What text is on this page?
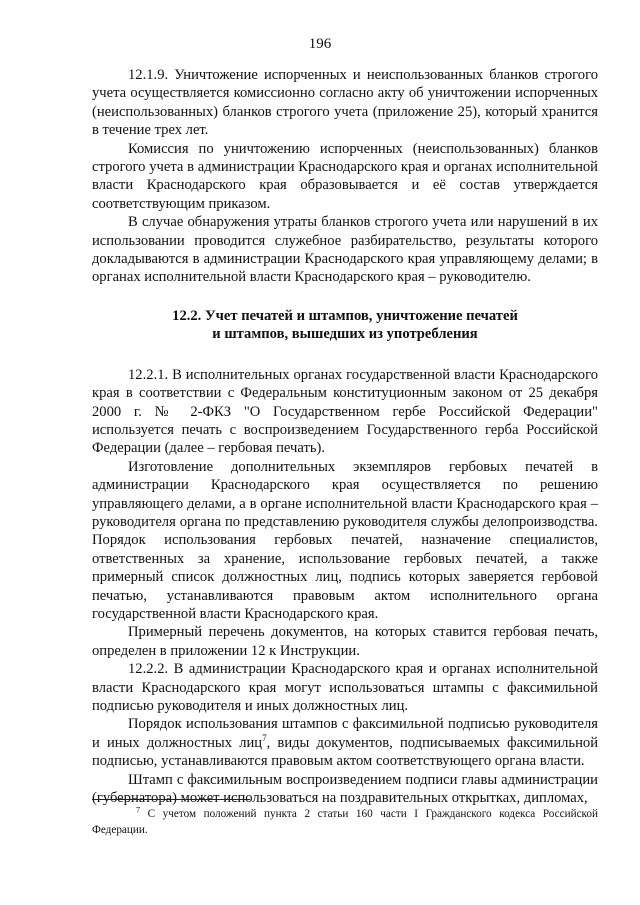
196

12.1.9. Уничтожение испорченных и неиспользованных бланков строгого учета осуществляется комиссионно согласно акту об уничтожении испорченных (неиспользованных) бланков строгого учета (приложение 25), который хранится в течение трех лет.

Комиссия по уничтожению испорченных (неиспользованных) бланков строгого учета в администрации Краснодарского края и органах исполнительной власти Краснодарского края образовывается и её состав утверждается соответствующим приказом.

В случае обнаружения утраты бланков строгого учета или нарушений в их использовании проводится служебное разбирательство, результаты которого докладываются в администрации Краснодарского края управляющему делами; в органах исполнительной власти Краснодарского края – руководителю.

12.2. Учет печатей и штампов, уничтожение печатей
и штампов, вышедших из употребления

12.2.1. В исполнительных органах государственной власти Краснодарского края в соответствии с Федеральным конституционным законом от 25 декабря 2000 г. № 2-ФКЗ "О Государственном гербе Российской Федерации" используется печать с воспроизведением Государственного герба Российской Федерации (далее – гербовая печать).

Изготовление дополнительных экземпляров гербовых печатей в администрации Краснодарского края осуществляется по решению управляющего делами, а в органе исполнительной власти Краснодарского края – руководителя органа по представлению руководителя службы делопроизводства. Порядок использования гербовых печатей, назначение специалистов, ответственных за хранение, использование гербовых печатей, а также примерный список должностных лиц, подпись которых заверяется гербовой печатью, устанавливаются правовым актом исполнительного органа государственной власти Краснодарского края.

Примерный перечень документов, на которых ставится гербовая печать, определен в приложении 12 к Инструкции.

12.2.2. В администрации Краснодарского края и органах исполнительной власти Краснодарского края могут использоваться штампы с факсимильной подписью руководителя и иных должностных лиц.

Порядок использования штампов с факсимильной подписью руководителя и иных должностных лиц$^7$, виды документов, подписываемых факсимильной подписью, устанавливаются правовым актом соответствующего органа власти.

Штамп с факсимильным воспроизведением подписи главы администрации (губернатора) может использоваться на поздравительных открытках, дипломах,

$^7$ С учетом положений пункта 2 статьи 160 части I Гражданского кодекса Российской Федерации.
